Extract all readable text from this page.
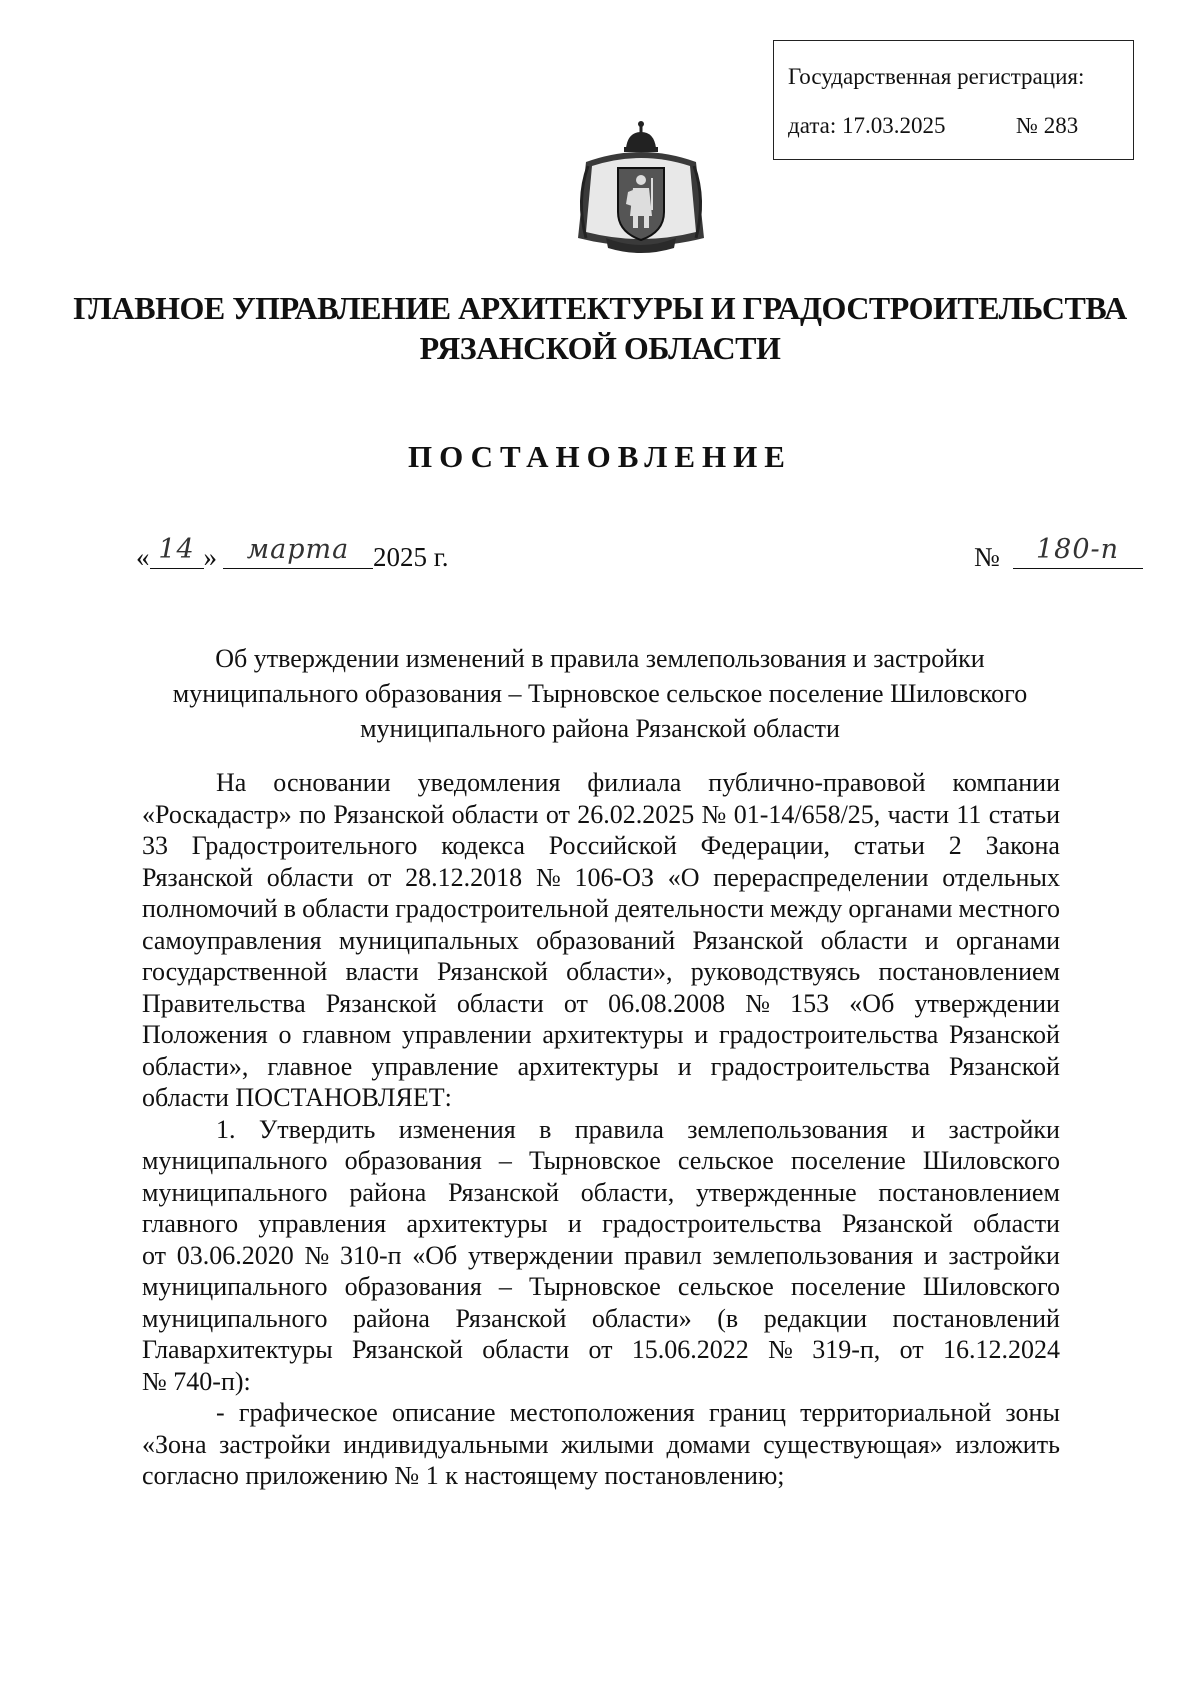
Государственная регистрация:
дата: 17.03.2025	№ 283
ГЛАВНОЕ УПРАВЛЕНИЕ АРХИТЕКТУРЫ И ГРАДОСТРОИТЕЛЬСТВА
РЯЗАНСКОЙ ОБЛАСТИ
ПОСТАНОВЛЕНИЕ
« 14 » марта 2025 г.	№ 180-п
Об утверждении изменений в правила землепользования и застройки
муниципального образования – Тырновское сельское поселение Шиловского
муниципального района Рязанской области
На основании уведомления филиала публично-правовой компании
«Роскадастр» по Рязанской области от 26.02.2025 № 01-14/658/25, части 11 статьи
33 Градостроительного кодекса Российской Федерации, статьи 2 Закона
Рязанской области от 28.12.2018 № 106-ОЗ «О перераспределении отдельных
полномочий в области градостроительной деятельности между органами местного
самоуправления муниципальных образований Рязанской области и органами
государственной власти Рязанской области», руководствуясь постановлением
Правительства Рязанской области от 06.08.2008 № 153 «Об утверждении
Положения о главном управлении архитектуры и градостроительства Рязанской
области», главное управление архитектуры и градостроительства Рязанской
области ПОСТАНОВЛЯЕТ:
1. Утвердить изменения в правила землепользования и застройки
муниципального образования – Тырновское сельское поселение Шиловского
муниципального района Рязанской области, утвержденные постановлением
главного управления архитектуры и градостроительства Рязанской области
от 03.06.2020 № 310-п «Об утверждении правил землепользования и застройки
муниципального образования – Тырновское сельское поселение Шиловского
муниципального района Рязанской области» (в редакции постановлений
Главархитектуры Рязанской области от 15.06.2022 № 319-п, от 16.12.2024
№ 740-п):
- графическое описание местоположения границ территориальной зоны
«Зона застройки индивидуальными жилыми домами существующая» изложить
согласно приложению № 1 к настоящему постановлению;
